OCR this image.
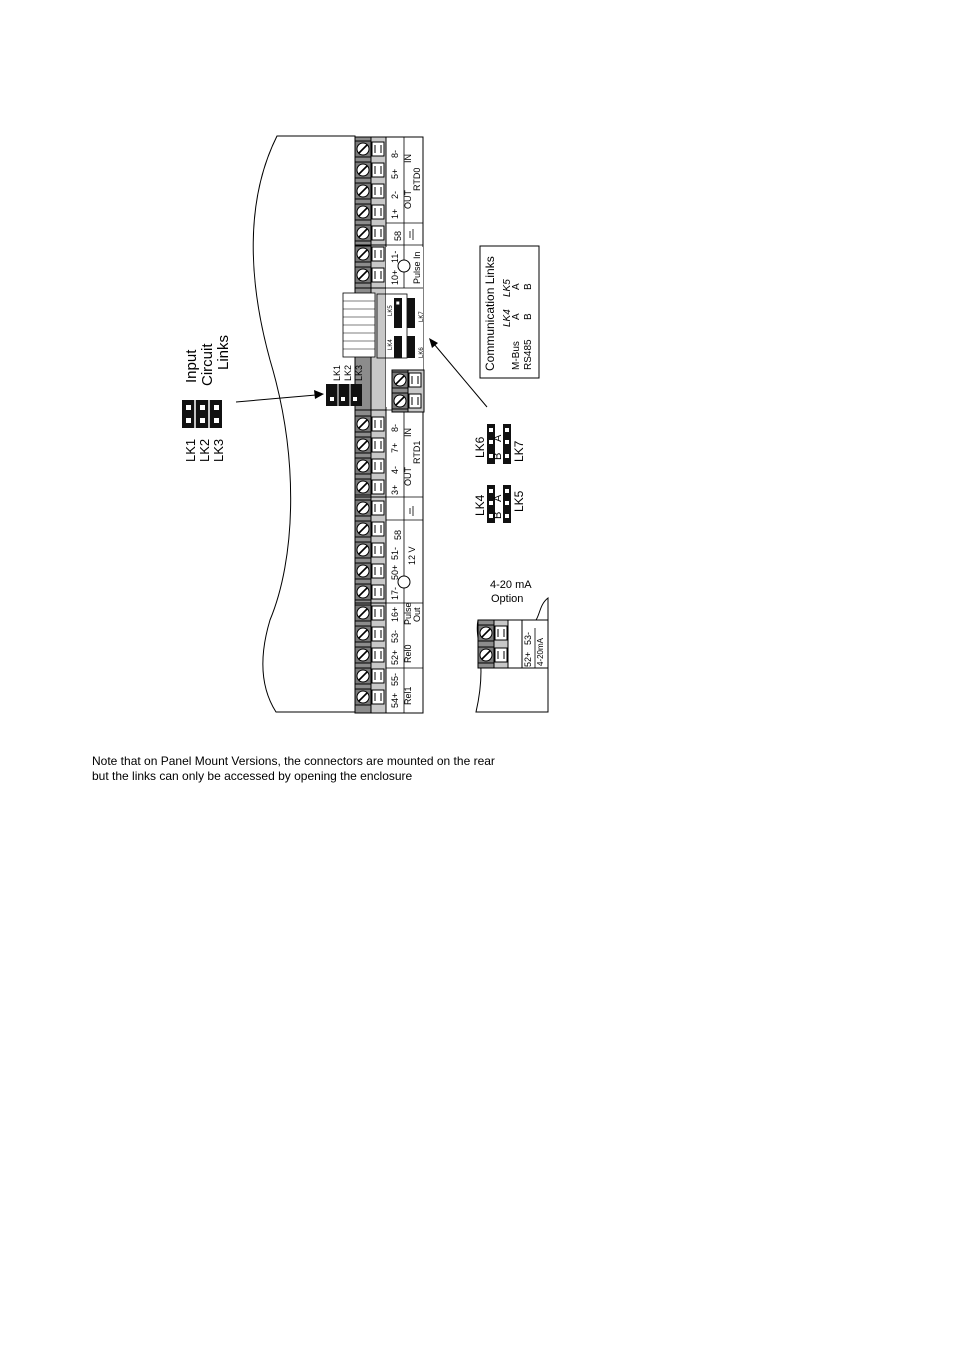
8-
5+
2-
1+
58
11-
10+
IN
OUT
Pulse In
RTD0
8-
7+
4-
3+
58
51-
50+
17-
16+
53-
52+
55-
54+
IN
OUT
12 V
Pulse Out
Rel0
Rel1
RTD1
LK7
LK6
LK5
LK4
LK1 LK2 LK3
LK1 LK2 LK3
Input Circuit Links	Communication Links LK4
LK5
M-Bus
A
A
RS485
B
B
LK6 LK7
A
B
LK4 LK5
A
B
4-20 mA
Option
53-
52+ 4-20mA
Note that on Panel Mount Versions, the connectors are mounted on the rear
but the links can only be accessed by opening the enclosure
